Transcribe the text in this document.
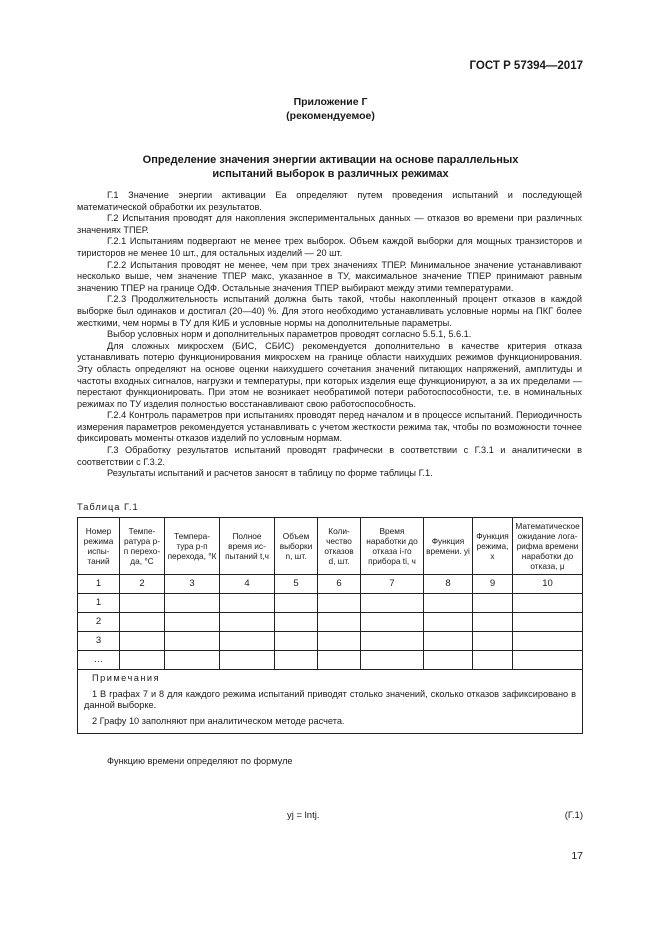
ГОСТ Р 57394—2017
Приложение Г
(рекомендуемое)
Определение значения энергии активации на основе параллельных
испытаний выборок в различных режимах

Г.1 Значение энергии активации Eа определяют путем проведения испытаний и последующей математической обработки их результатов.

Г.2 Испытания проводят для накопления экспериментальных данных — отказов во времени при различных значениях TПЕР.

Г.2.1 Испытаниям подвергают не менее трех выборок. Объем каждой выборки для мощных транзисторов и тиристоров не менее 10 шт., для остальных изделий — 20 шт.

Г.2.2 Испытания проводят не менее, чем при трех значениях TПЕР. Минимальное значение устанавливают несколько выше, чем значение TПЕР макс, указанное в ТУ, максимальное значение TПЕР принимают равным значению TПЕР на границе ОДФ. Остальные значения TПЕР выбирают между этими температурами.

Г.2.3 Продолжительность испытаний должна быть такой, чтобы накопленный процент отказов в каждой выборке был одинаков и достигал (20—40) %. Для этого необходимо устанавливать условные нормы на ПКГ более жесткими, чем нормы в ТУ для КИБ и условные нормы на дополнительные параметры.

Выбор условных норм и дополнительных параметров проводят согласно 5.5.1, 5.6.1.

Для сложных микросхем (БИС, СБИС) рекомендуется дополнительно в качестве критерия отказа устанавливать потерю функционирования микросхем на границе области наихудших режимов функционирования. Эту область определяют на основе оценки наихудшего сочетания значений питающих напряжений, амплитуды и частоты входных сигналов, нагрузки и температуры, при которых изделия еще функционируют, а за их пределами — перестают функционировать. При этом не возникает необратимой потери работоспособности, т.е. в номинальных режимах по ТУ изделия полностью восстанавливают свою работоспособность.

Г.2.4 Контроль параметров при испытаниях проводят перед началом и в процессе испытаний. Периодичность измерения параметров рекомендуется устанавливать с учетом жесткости режима так, чтобы по возможности точнее фиксировать моменты отказов изделий по условным нормам.

Г.3 Обработку результатов испытаний проводят графически в соответствии с Г.3.1 и аналитически в соответствии с Г.3.2.

Результаты испытаний и расчетов заносят в таблицу по форме таблицы Г.1.

Таблица Г.1
Номер режима испытаний	Температура р-п перехода, °С	Температура р-п перехода, °К	Полное время испытаний t,ч	Объем выборки n, шт.	Количество отказов d, шт.	Время наработки до отказа i-го прибора ti, ч	Функция времени. yi	Функция режима, x	Математическое ожидание логарифма времени наработки до отказа, μ
1	2	3	4	5	6	7	8	9	10
1									
2									
3									
…									

Примечания

1 В графах 7 и 8 для каждого режима испытаний приводят столько значений, сколько отказов зафиксировано в данной выборке.

2 Графу 10 заполняют при аналитическом методе расчета.									

Функцию времени определяют по формуле
yj = lntj.	(Г.1)
17
